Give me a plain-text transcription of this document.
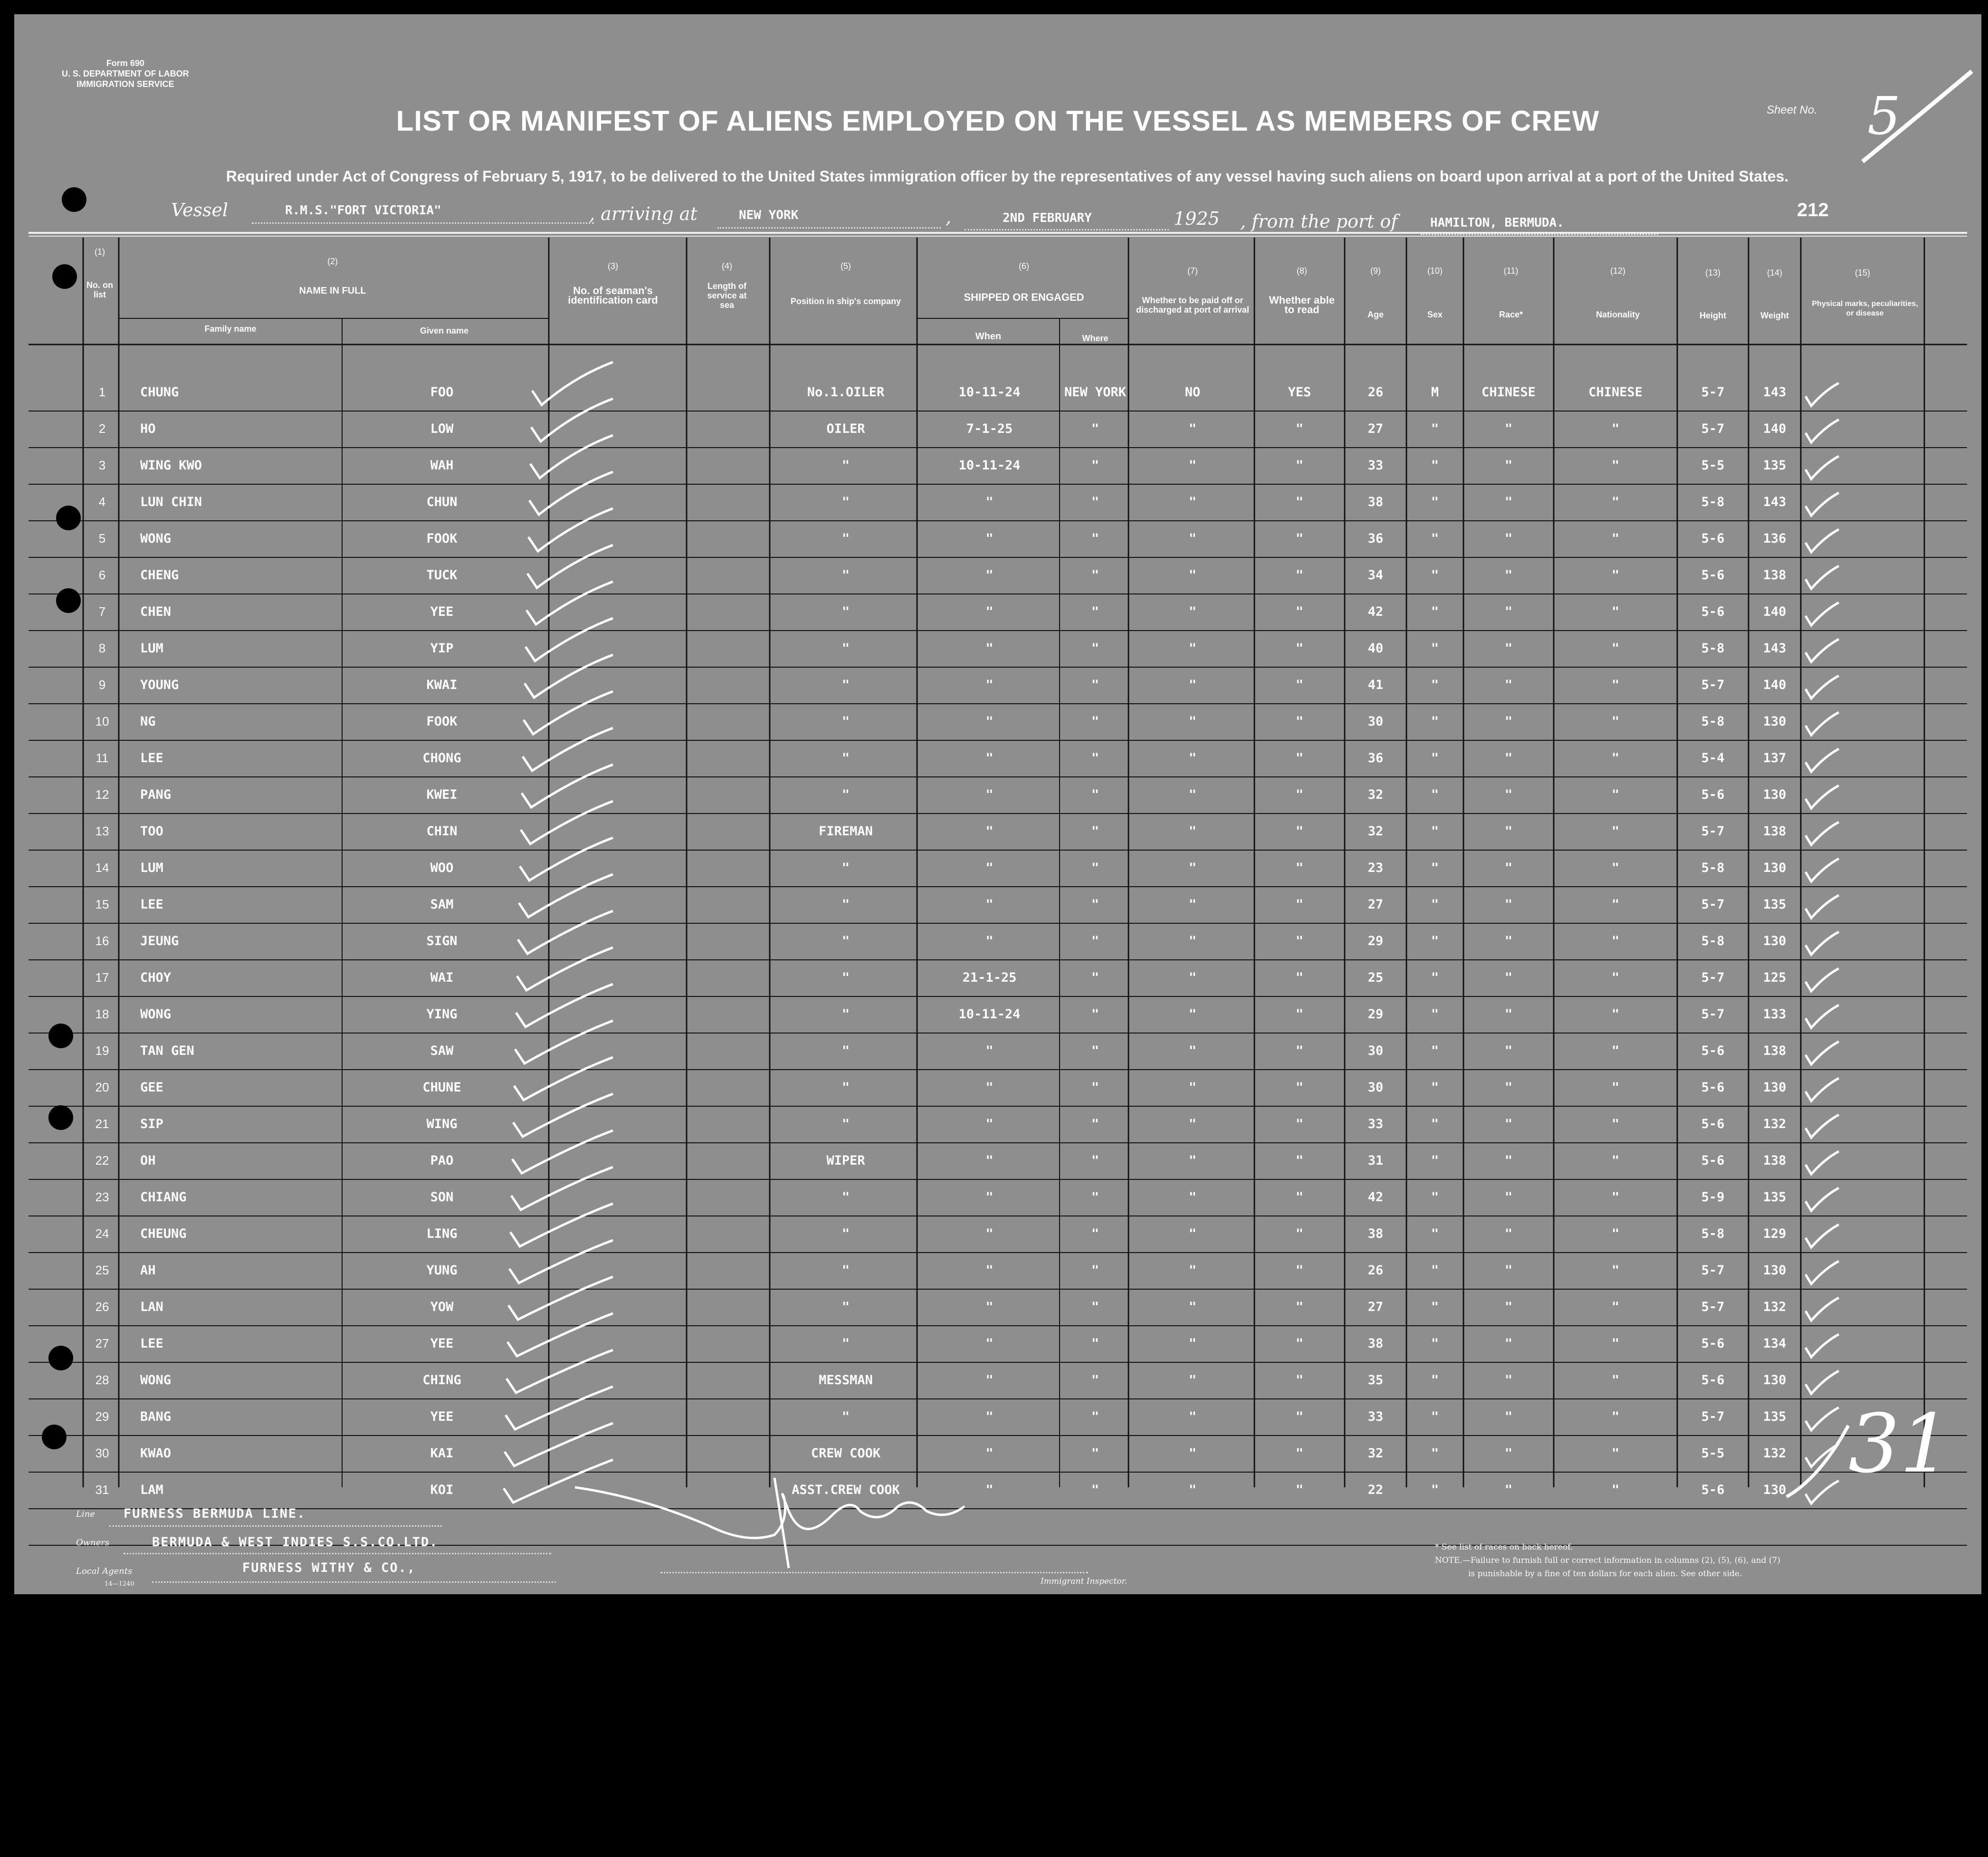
Form 690
U. S. DEPARTMENT OF LABOR
IMMIGRATION SERVICE
LIST OR MANIFEST OF ALIENS EMPLOYED ON THE VESSEL AS MEMBERS OF CREW	Sheet No. 5
Required under Act of Congress of February 5, 1917, to be delivered to the United States immigration officer by the representatives of any vessel having such aliens on board upon arrival at a port of the United States.
Vessel	R.M.S."FORT VICTORIA"	, arriving at	NEW YORK	,	2ND FEBRUARY	1925 , from the port of	HAMILTON, BERMUDA.
212
(1)
No. on list
(2)
NAME IN FULL
Family name	Given name
(3)
No. of seaman's identification card
(4)
Length of service at sea
(5)
Position in ship's company
(6)
SHIPPED OR ENGAGED
When	Where
(7)
Whether to be paid off or discharged at port of arrival
(8)
Whether able to read
(9)
Age
(10)
Sex
(11)
Race*
(12)
Nationality
(13)
Height
(14)
Weight
(15)
Physical marks, peculiarities, or disease
1	CHUNG	FOO	No.1.OILER	10-11-24	NEW YORK	NO	YES	26	M	CHINESE	CHINESE	5-7	143
2	HO	LOW	OILER	7-1-25	"	"	"	27	"	"	"	5-7	140
3	WING KWO	WAH	"	10-11-24	"	"	"	33	"	"	"	5-5	135
4	LUN CHIN	CHUN	"	"	"	"	"	38	"	"	"	5-8	143
5	WONG	FOOK	"	"	"	"	"	36	"	"	"	5-6	136
6	CHENG	TUCK	"	"	"	"	"	34	"	"	"	5-6	138
7	CHEN	YEE	"	"	"	"	"	42	"	"	"	5-6	140
8	LUM	YIP	"	"	"	"	"	40	"	"	"	5-8	143
9	YOUNG	KWAI	"	"	"	"	"	41	"	"	"	5-7	140
10	NG	FOOK	"	"	"	"	"	30	"	"	"	5-8	130
11	LEE	CHONG	"	"	"	"	"	36	"	"	"	5-4	137
12	PANG	KWEI	"	"	"	"	"	32	"	"	"	5-6	130
13	TOO	CHIN	FIREMAN	"	"	"	"	32	"	"	"	5-7	138
14	LUM	WOO	"	"	"	"	"	23	"	"	"	5-8	130
15	LEE	SAM	"	"	"	"	"	27	"	"	"	5-7	135
16	JEUNG	SIGN	"	"	"	"	"	29	"	"	"	5-8	130
17	CHOY	WAI	"	21-1-25	"	"	"	25	"	"	"	5-7	125
18	WONG	YING	"	10-11-24	"	"	"	29	"	"	"	5-7	133
19	TAN GEN	SAW	"	"	"	"	"	30	"	"	"	5-6	138
20	GEE	CHUNE	"	"	"	"	"	30	"	"	"	5-6	130
21	SIP	WING	"	"	"	"	"	33	"	"	"	5-6	132
22	OH	PAO	WIPER	"	"	"	"	31	"	"	"	5-6	138
23	CHIANG	SON	"	"	"	"	"	42	"	"	"	5-9	135
24	CHEUNG	LING	"	"	"	"	"	38	"	"	"	5-8	129
25	AH	YUNG	"	"	"	"	"	26	"	"	"	5-7	130
26	LAN	YOW	"	"	"	"	"	27	"	"	"	5-7	132
27	LEE	YEE	"	"	"	"	"	38	"	"	"	5-6	134
28	WONG	CHING	MESSMAN	"	"	"	"	35	"	"	"	5-6	130
29	BANG	YEE	"	"	"	"	"	33	"	"	"	5-7	135
30	KWAO	KAI	CREW COOK	"	"	"	"	32	"	"	"	5-5	132
31	LAM	KOI	ASST.CREW COOK	"	"	"	"	22	"	"	"	5-6	130 31
Line FURNESS BERMUDA LINE.
Owners	BERMUDA & WEST INDIES S.S.CO.LTD.
Local Agents	FURNESS WITHY & CO.,
14—1240	Immigrant Inspector.
* See list of races on back hereof.
NOTE.—Failure to furnish full or correct information in columns (2), (5), (6), and (7)
is punishable by a fine of ten dollars for each alien. See other side.
